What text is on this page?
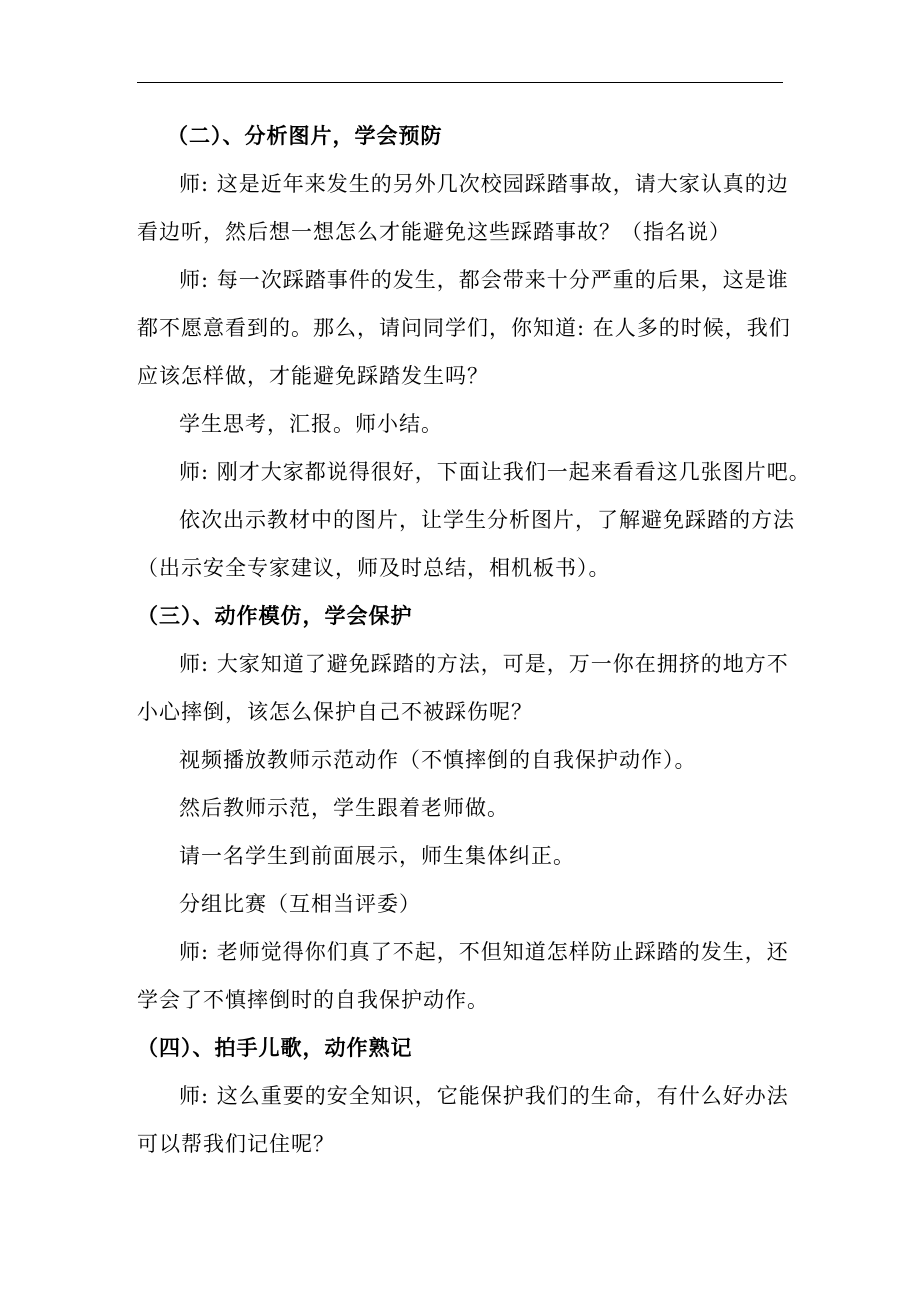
（二）、分析图片，学会预防
师: 这是近年来发生的另外几次校园踩踏事故，请大家认真的边
看边听，然后想一想怎么才能避免这些踩踏事故？（指名说）
师: 每一次踩踏事件的发生，都会带来十分严重的后果，这是谁
都不愿意看到的。那么，请问同学们，你知道: 在人多的时候，我们
应该怎样做，才能避免踩踏发生吗？
学生思考，汇报。师小结。
师: 刚才大家都说得很好，下面让我们一起来看看这几张图片吧。
依次出示教材中的图片，让学生分析图片，了解避免踩踏的方法
（出示安全专家建议，师及时总结，相机板书）。
（三）、动作模仿，学会保护
师: 大家知道了避免踩踏的方法，可是，万一你在拥挤的地方不
小心摔倒，该怎么保护自己不被踩伤呢？
视频播放教师示范动作（不慎摔倒的自我保护动作）。
然后教师示范，学生跟着老师做。
请一名学生到前面展示，师生集体纠正。
分组比赛（互相当评委）
师: 老师觉得你们真了不起，不但知道怎样防止踩踏的发生，还
学会了不慎摔倒时的自我保护动作。
（四）、拍手儿歌，动作熟记
师: 这么重要的安全知识，它能保护我们的生命，有什么好办法
可以帮我们记住呢？
